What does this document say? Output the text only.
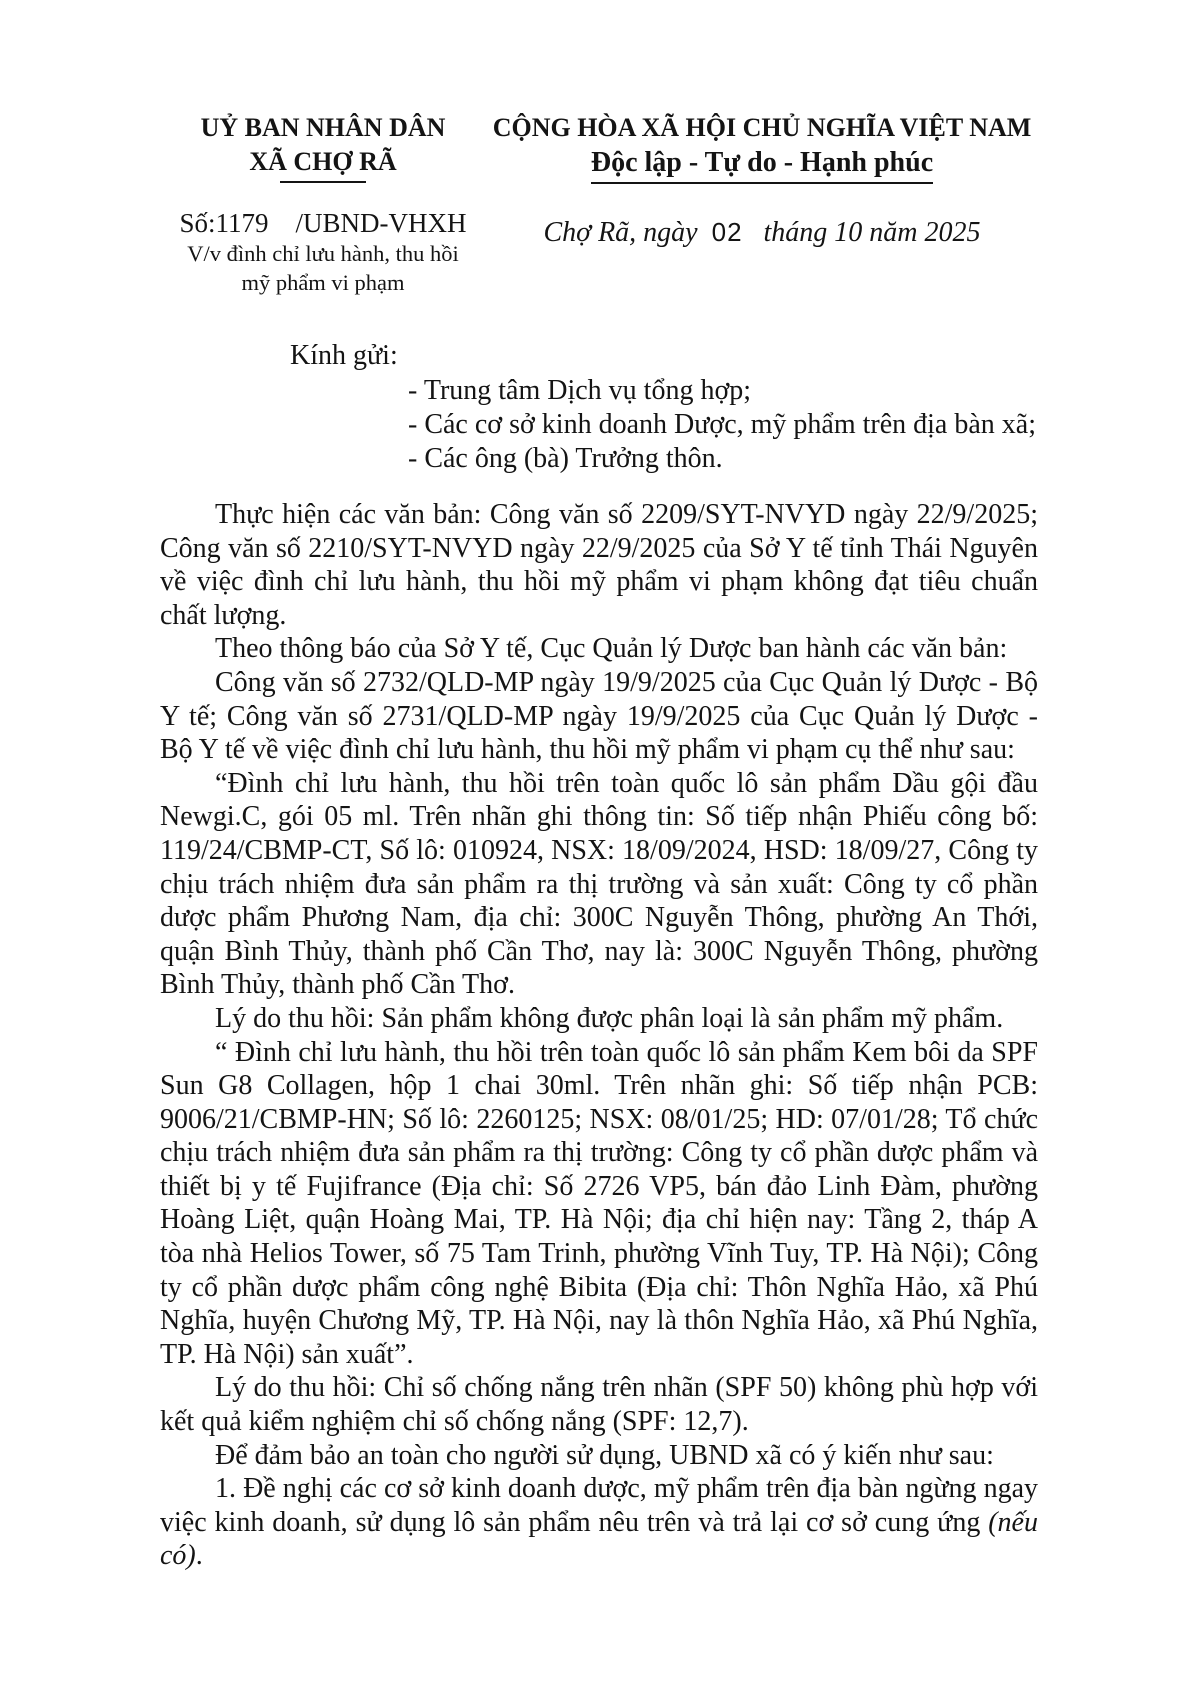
UỶ BAN NHÂN DÂN
XÃ CHỢ RÃ
Số:1179    /UBND-VHXH
V/v đình chỉ lưu hành, thu hồi
mỹ phẩm vi phạm
CỘNG HÒA XÃ HỘI CHỦ NGHĨA VIỆT NAM
Độc lập - Tự do - Hạnh phúc
Chợ Rã, ngày  02   tháng 10 năm 2025
Kính gửi:
- Trung tâm Dịch vụ tổng hợp;
- Các cơ sở kinh doanh Dược, mỹ phẩm trên địa bàn xã;
- Các ông (bà) Trưởng thôn.

Thực hiện các văn bản: Công văn số 2209/SYT-NVYD ngày 22/9/2025; Công văn số 2210/SYT-NVYD ngày 22/9/2025 của Sở Y tế tỉnh Thái Nguyên về việc đình chỉ lưu hành, thu hồi mỹ phẩm vi phạm không đạt tiêu chuẩn chất lượng.

Theo thông báo của Sở Y tế, Cục Quản lý Dược ban hành các văn bản:

Công văn số 2732/QLD-MP ngày 19/9/2025 của Cục Quản lý Dược - Bộ Y tế; Công văn số 2731/QLD-MP ngày 19/9/2025 của Cục Quản lý Dược - Bộ Y tế về việc đình chỉ lưu hành, thu hồi mỹ phẩm vi phạm cụ thể như sau:

“Đình chỉ lưu hành, thu hồi trên toàn quốc lô sản phẩm Dầu gội đầu Newgi.C, gói 05 ml. Trên nhãn ghi thông tin: Số tiếp nhận Phiếu công bố: 119/24/CBMP-CT, Số lô: 010924, NSX: 18/09/2024, HSD: 18/09/27, Công ty chịu trách nhiệm đưa sản phẩm ra thị trường và sản xuất: Công ty cổ phần dược phẩm Phương Nam, địa chỉ: 300C Nguyễn Thông, phường An Thới, quận Bình Thủy, thành phố Cần Thơ, nay là: 300C Nguyễn Thông, phường Bình Thủy, thành phố Cần Thơ.

Lý do thu hồi: Sản phẩm không được phân loại là sản phẩm mỹ phẩm.

“ Đình chỉ lưu hành, thu hồi trên toàn quốc lô sản phẩm Kem bôi da SPF Sun G8 Collagen, hộp 1 chai 30ml. Trên nhãn ghi: Số tiếp nhận PCB: 9006/21/CBMP-HN; Số lô: 2260125; NSX: 08/01/25; HD: 07/01/28; Tổ chức chịu trách nhiệm đưa sản phẩm ra thị trường: Công ty cổ phần dược phẩm và thiết bị y tế Fujifrance (Địa chỉ: Số 2726 VP5, bán đảo Linh Đàm, phường Hoàng Liệt, quận Hoàng Mai, TP. Hà Nội; địa chỉ hiện nay: Tầng 2, tháp A tòa nhà Helios Tower, số 75 Tam Trinh, phường Vĩnh Tuy, TP. Hà Nội); Công ty cổ phần dược phẩm công nghệ Bibita (Địa chỉ: Thôn Nghĩa Hảo, xã Phú Nghĩa, huyện Chương Mỹ, TP. Hà Nội, nay là thôn Nghĩa Hảo, xã Phú Nghĩa, TP. Hà Nội) sản xuất”.

Lý do thu hồi: Chỉ số chống nắng trên nhãn (SPF 50) không phù hợp với kết quả kiểm nghiệm chỉ số chống nắng (SPF: 12,7).

Để đảm bảo an toàn cho người sử dụng, UBND xã có ý kiến như sau:

1. Đề nghị các cơ sở kinh doanh dược, mỹ phẩm trên địa bàn ngừng ngay việc kinh doanh, sử dụng lô sản phẩm nêu trên và trả lại cơ sở cung ứng (nếu có).
